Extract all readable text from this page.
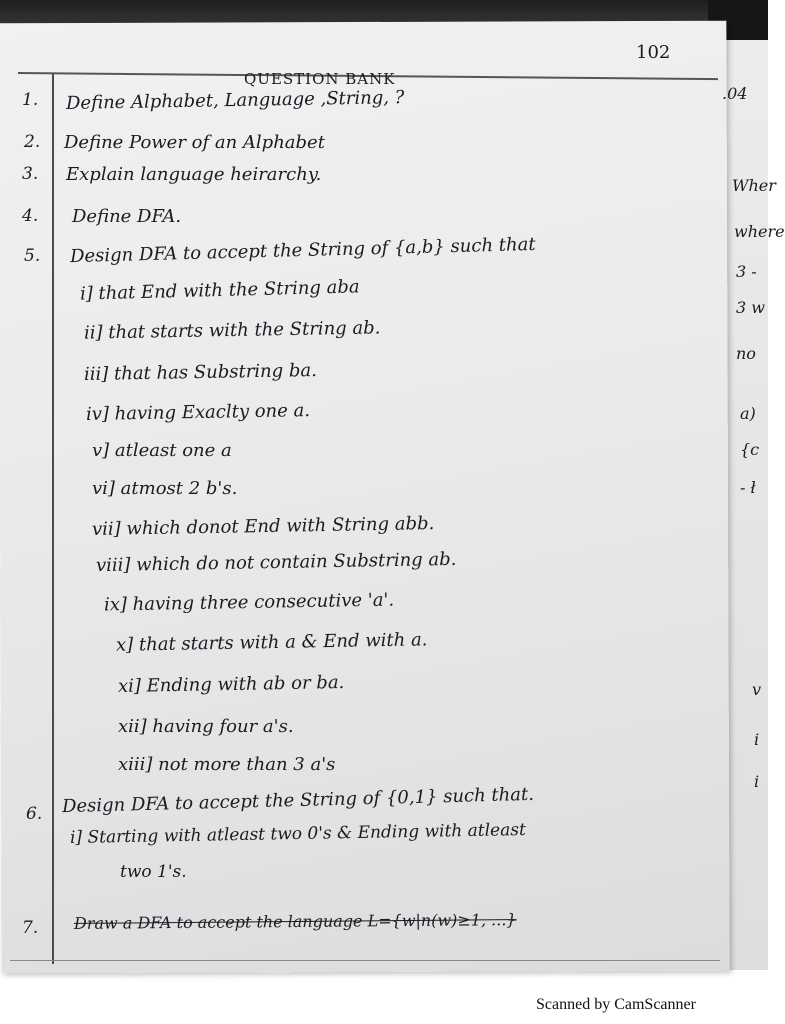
102
QUESTION BANK
1.
2.
3.
4.
5.
6.
7.
Define Alphabet, Language ,String, ?
Define Power of an Alphabet
Explain language heirarchy.
Define DFA.
Design DFA to accept the String of {a,b} such that
Design DFA to accept the String of {0,1} such that.
Draw a DFA to accept the language L={w|n(w)≥1, ...}
i] that End with the String aba
ii] that starts with the String ab.
iii] that has Substring ba.
iv] having Exaclty one a.
v] atleast one a
vi] atmost 2 b's.
vii] which donot End with String abb.
viii] which do not contain Substring ab.
ix] having three consecutive 'a'.
x] that starts with a & End with a.
xi] Ending with ab or ba.
xii] having four a's.
xiii] not more than 3 a's
i] Starting with atleast two 0's & Ending with atleast
two 1's.
.04
Wher
where
3 -
3 w
no
a)
{c
- ł
v
i
i
Scanned by CamScanner
